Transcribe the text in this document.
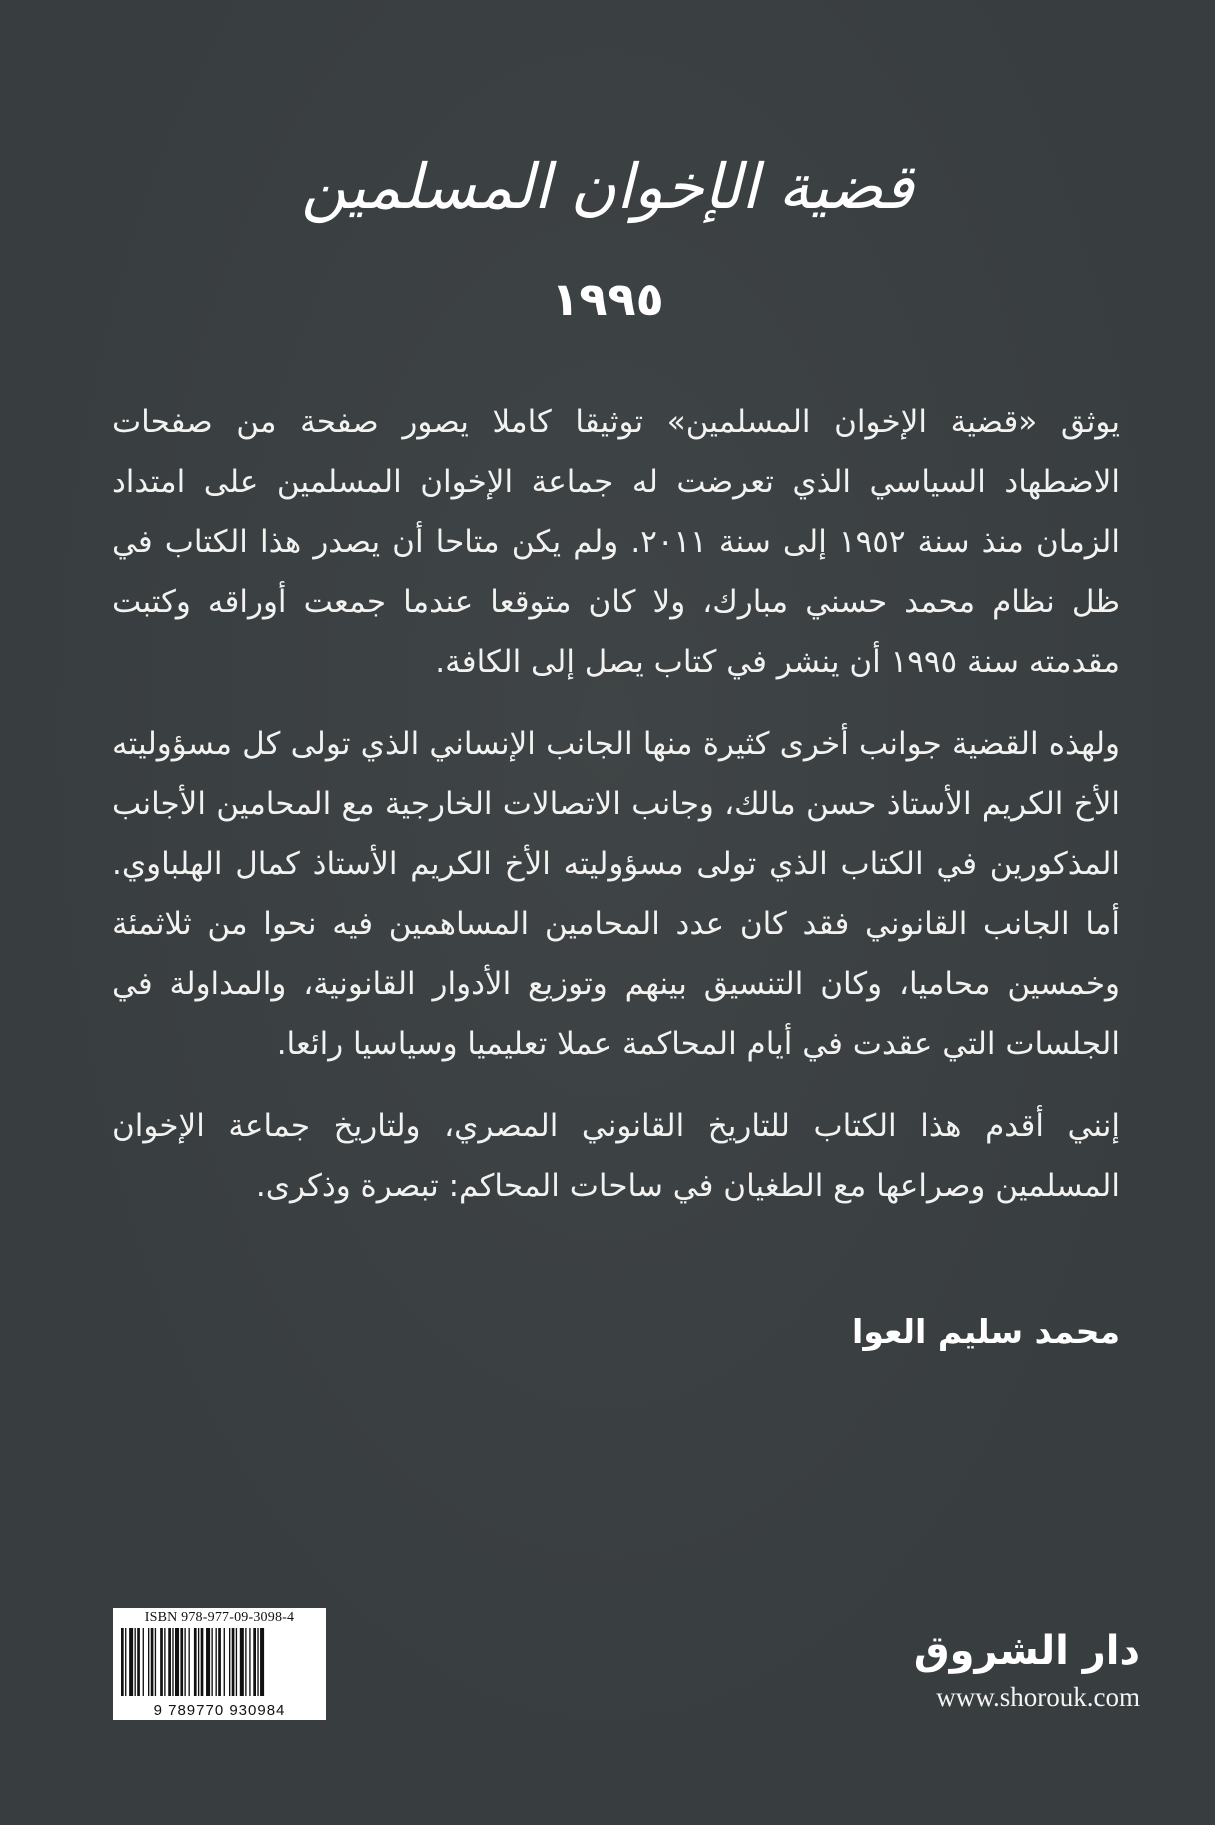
قضية الإخوان المسلمين
١٩٩٥

يوثق «قضية الإخوان المسلمين» توثيقا كاملا يصور صفحة من صفحات الاضطهاد السياسي الذي تعرضت له جماعة الإخوان المسلمين على امتداد الزمان منذ سنة ١٩٥٢ إلى سنة ٢٠١١. ولم يكن متاحا أن يصدر هذا الكتاب في ظل نظام محمد حسني مبارك، ولا كان متوقعا عندما جمعت أوراقه وكتبت مقدمته سنة ١٩٩٥ أن ينشر في كتاب يصل إلى الكافة.

ولهذه القضية جوانب أخرى كثيرة منها الجانب الإنساني الذي تولى كل مسؤوليته الأخ الكريم الأستاذ حسن مالك، وجانب الاتصالات الخارجية مع المحامين الأجانب المذكورين في الكتاب الذي تولى مسؤوليته الأخ الكريم الأستاذ كمال الهلباوي. أما الجانب القانوني فقد كان عدد المحامين المساهمين فيه نحوا من ثلاثمئة وخمسين محاميا، وكان التنسيق بينهم وتوزيع الأدوار القانونية، والمداولة في الجلسات التي عقدت في أيام المحاكمة عملا تعليميا وسياسيا رائعا.

إنني أقدم هذا الكتاب للتاريخ القانوني المصري، ولتاريخ جماعة الإخوان المسلمين وصراعها مع الطغيان في ساحات المحاكم: تبصرة وذكرى.

محمد سليم العوا
ISBN 978-977-09-3098-4
9 789770 930984
دار الشروق
www.shorouk.com
